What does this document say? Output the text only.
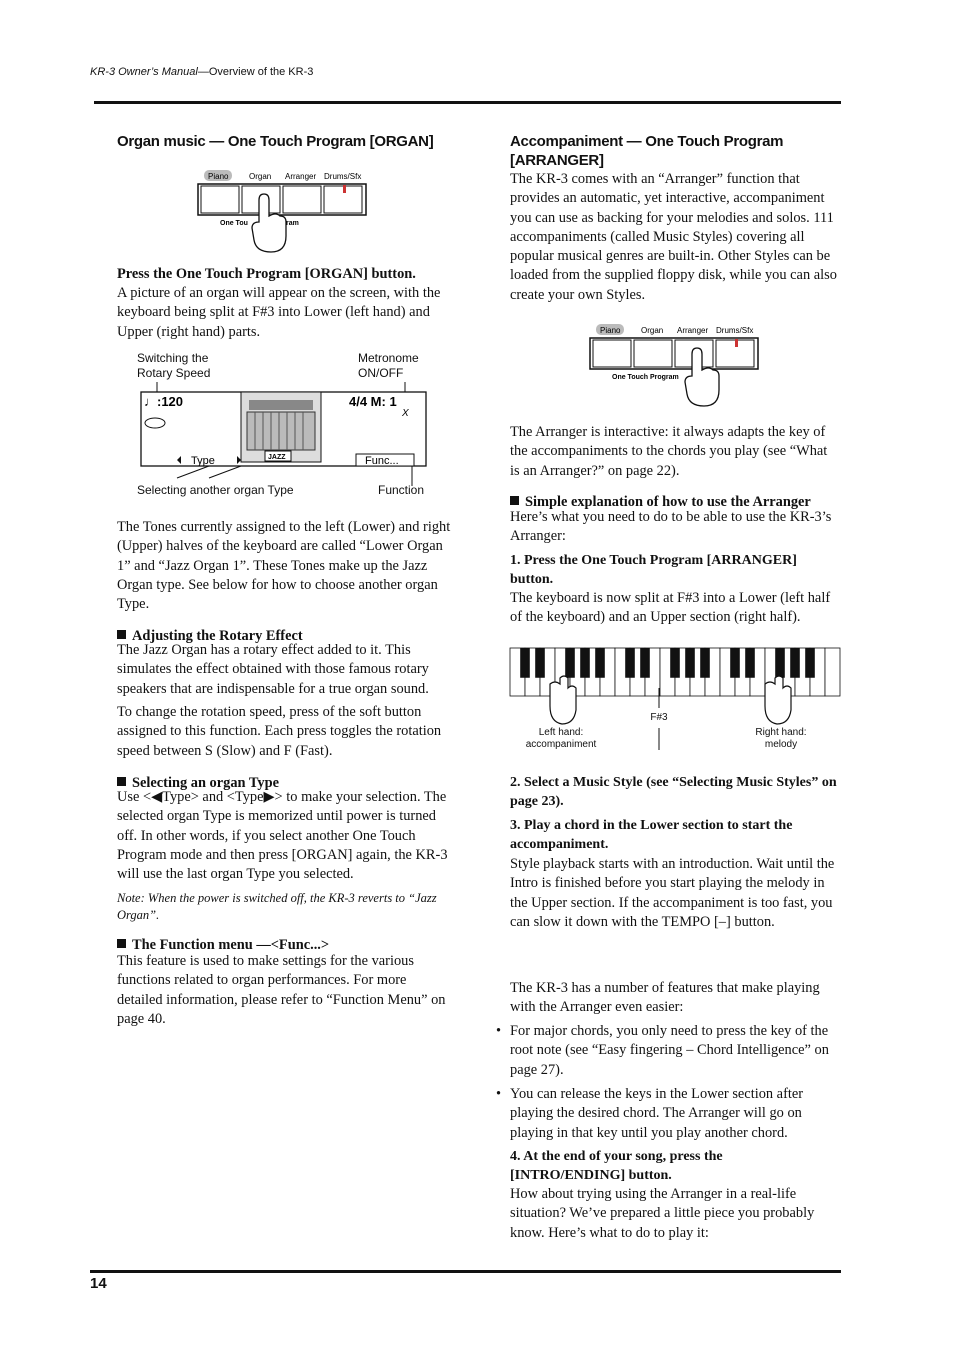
KR-3 Owner’s Manual—Overview of the KR-3
Organ music — One Touch Program [ORGAN]
Piano	Organ Arranger Drums/Sfx
One Tou	ram
Press the One Touch Program [ORGAN] button.
A picture of an organ will appear on the screen, with the keyboard being split at F#3 into Lower (left hand) and Upper (right hand) parts.
Switching the
Rotary Speed
Metronome
ON/OFF
♩:120	4/4 M: 1
X
JAZZ
Type	Func...
Selecting another organ Type	Function
The Tones currently assigned to the left (Lower) and right (Upper) halves of the keyboard are called “Lower Organ 1” and “Jazz Organ 1”. These Tones make up the Jazz Organ type. See below for how to choose another organ Type.
Adjusting the Rotary Effect
The Jazz Organ has a rotary effect added to it. This simulates the effect obtained with those famous rotary speakers that are indispensable for a true organ sound.
To change the rotation speed, press of the soft button assigned to this function. Each press toggles the rotation speed between S (Slow) and F (Fast).
Selecting an organ Type
Use <◀Type> and <Type▶> to make your selection. The selected organ Type is memorized until power is turned off. In other words, if you select another One Touch Program mode and then press [ORGAN] again, the KR-3 will use the last organ Type you selected.
Note: When the power is switched off, the KR-3 reverts to “Jazz Organ”.
The Function menu —<Func...>
This feature is used to make settings for the various functions related to organ performances. For more detailed information, please refer to “Function Menu” on page 40.
Accompaniment — One Touch Program [ARRANGER]
The KR-3 comes with an “Arranger” function that provides an automatic, yet interactive, accompaniment you can use as backing for your melodies and solos. 111 accompaniments (called Music Styles) covering all popular musical genres are built-in. Other Styles can be loaded from the supplied floppy disk, while you can also create your own Styles.
Piano	Organ Arranger Drums/Sfx
One Touch Program
The Arranger is interactive: it always adapts the key of the accompaniments to the chords you play (see “What is an Arranger?” on page 22).
Simple explanation of how to use the Arranger
Here’s what you need to do to be able to use the KR-3’s Arranger:
1. Press the One Touch Program [ARRANGER] button.
The keyboard is now split at F#3 into a Lower (left half of the keyboard) and an Upper section (right half).
Left hand:
accompaniment
F#3
Right hand:
melody
2. Select a Music Style (see “Selecting Music Styles” on page 23).
3. Play a chord in the Lower section to start the accompaniment.
Style playback starts with an introduction. Wait until the Intro is finished before you start playing the melody in the Upper section. If the accompaniment is too fast, you can slow it down with the TEMPO [–] button.
The KR-3 has a number of features that make playing with the Arranger even easier:
• For major chords, you only need to press the key of the root note (see “Easy fingering – Chord Intelligence” on page 27).
• You can release the keys in the Lower section after playing the desired chord. The Arranger will go on playing in that key until you play another chord.
4. At the end of your song, press the [INTRO/ENDING] button.
How about trying using the Arranger in a real-life situation? We’ve prepared a little piece you probably know. Here’s what to do to play it:
14
